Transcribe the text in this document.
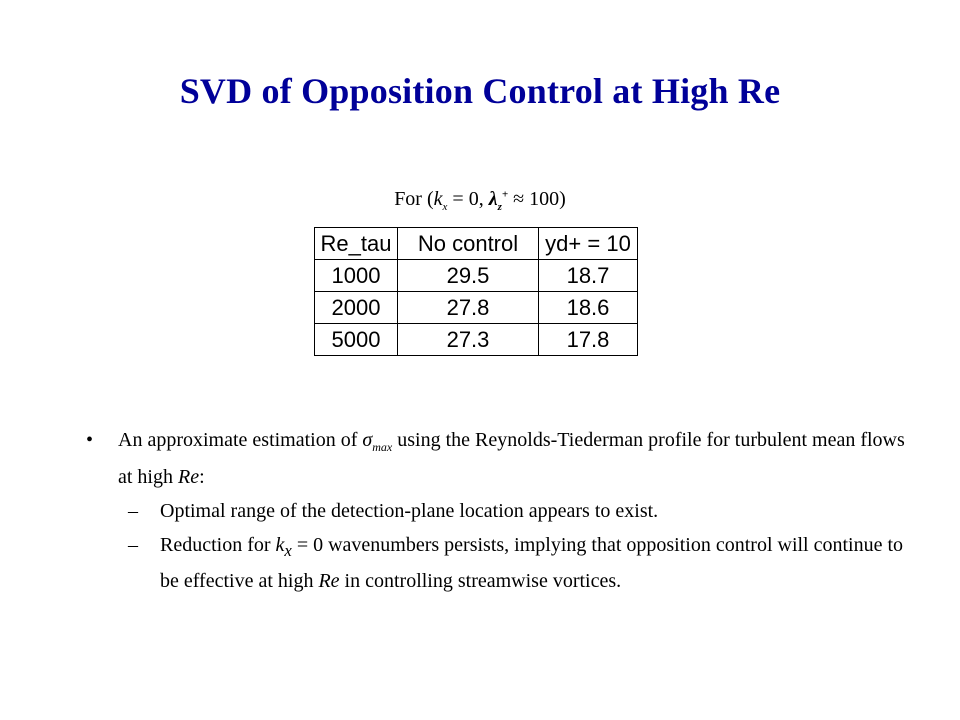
SVD of Opposition Control at High Re
For ($k_x = 0$, $\lambda_z^+ \approx 100$)
Re_tau	No control	yd+ = 10
1000	29.5	18.7
2000	27.8	18.6
5000	27.3	17.8
• An approximate estimation of $\sigma_{max}$ using the Reynolds-Tiederman profile for turbulent mean flows at high Re:
– Optimal range of the detection-plane location appears to exist.
– Reduction for $k_x = 0$ wavenumbers persists, implying that opposition control will continue to be effective at high Re in controlling streamwise vortices.
